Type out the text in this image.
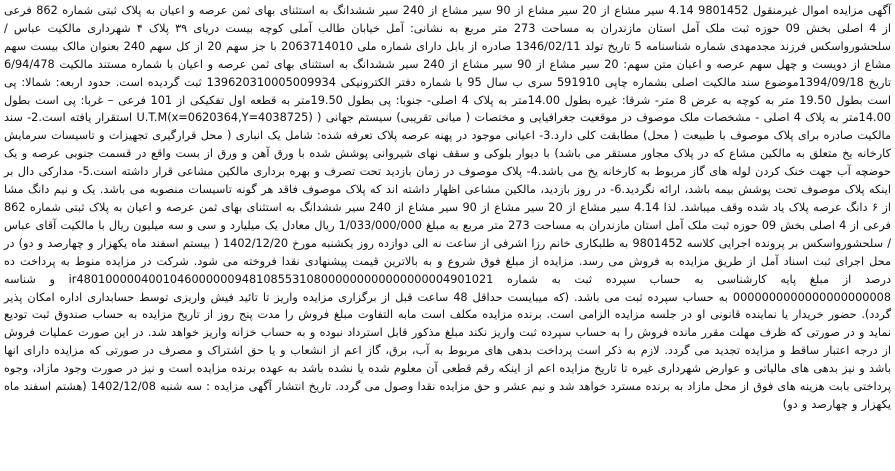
آگهی مزایده اموال غیرمنقول 9801452 4.14 سیر مشاع از 20 سیر مشاع از 90 سیر مشاع از 240 سیر ششدانگ به استثنای بهای ثمن عرصه و اعیان به پلاک ثبتی شماره 862 فرعی از 4 اصلی بخش 09 حوزه ثبت ملک آمل استان مازندران به مساحت 273 متر مربع به نشانی: آمل خیابان طالب آملی کوچه بیست دریای ۳۹ پلاک ۴ شهرداری مالکیت عباس / سلحشورواسکس فرزند مجدمهدی شماره شناسنامه 5 تاریخ تولد 1346/02/11 صادره از بابل دارای شماره ملی 2063714010 با جز سهم 20 از کل سهم 240 بعنوان مالک بیست سهم مشاع از دویست و چهل سهم عرصه و اعیان متن سهم: 20 سیر مشاع از 90 سیر مشاع از 240 سیر ششدانگ به استثنای بهای ثمن عرصه و اعیان با شماره مستند مالکیت 6/94/478 تاریخ 1394/09/18موضوع سند مالکیت اصلی بشماره چاپی 591910 سری ب سال 95 با شماره دفتر الکترونیکی 139620310005009934 ثبت گردیده است. حدود اربعه: شمالا: پی است بطول 19.50 متر به کوچه به عرض 8 متر- شرقا: غیره بطول 14.00متر به پلاک 4 اصلی- جنوبا: پی بطول 19.50متر به قطعه اول تفکیکی از 101 فرعی – غربا: پی است بطول 14.00متر به پلاک 4 اصلی - مشخصات ملک موصوف در موقعیت جغرافیایی و مختصات ( میانی تقریبی) سیستم جهانی ( U.T.M(x=0620364,Y=4038725) استقرار یافته است.2- سند مالکیت صادره برای پلاک موصوف با طبیعت ( محل) مطابقت کلی دارد.3- اعیانی موجود در پهنه عرصه پلاک تعرفه شده: شامل یک انباری ( محل قرارگیری تجهیزات و تاسیسات سرمایش کارخانه یخ متعلق به مالکین مشاع که در پلاک مجاور مستقر می باشد) با دیوار بلوکی و سقف نهای شیروانی پوشش شده با ورق آهن و ورق از بست واقع در قسمت جنوبی عرصه و یک حوضچه آب جهت خنک کردن لوله های گاز مربوط به کارخانه یخ می باشد.4- پلاک موصوف در زمان بازدید تحت تصرف و بهره برداری مالکین مشاعی قرار داشته است.5- مدارکی دال بر اینکه پلاک موصوف تحت پوشش بیمه باشد، ارائه نگردید.6- در روز بازدید، مالکین مشاعی اظهار داشته اند که پلاک موصوف فاقد هر گونه تاسیسات منصوبه می باشد. یک و نیم دانگ مشا از ۶ دانگ عرصه پلاک یاد شده وقف میباشد. لذا 4.14 سیر مشاع از 20 سیر مشاع از 90 سیر مشاع از 240 سیر ششدانگ به استثنای بهای ثمن عرصه و اعیان به پلاک ثبتی شماره 862 فرعی از 4 اصلی بخش 09 حوزه ثبت ملک آمل استان مازندران به مساحت 273 متر مربع به مبلغ 1/033/000/000 ریال معادل یک میلیارد و سی و سه میلیون ریال با مالکیت آقای عباس / سلحشورواسکس بر پرونده اجرایی کلاسه 9801452 به طلبکاری خانم رزا اشرفی از ساعت نه الی دوازده روز یکشنبه مورخ 1402/12/20 ( بیستم اسفند ماه یکهزار و چهارصد و دو) در محل اجرای ثبت اسناد آمل از طریق مزایده به فروش می رسد. مزایده از مبلغ فوق شروع و به بالاترین قیمت پیشنهادی نقدا فروخته می شود. شرکت در مزایده منوط به پرداخت ده درصد از مبلغ پایه کارشناسی به حساب سپرده ثبت به شماره ir4801000004001046000000948108553108000000000000000004901021 و شناسه 0000000000000000000008 به حساب سپرده ثبت می باشد. (که میبایست حداقل 48 ساعت قبل از برگزاری مزایده واریز تا تائید فیش واریزی توسط حسابداری اداره امکان پذیر گردد). حضور خریدار یا نماینده قانونی او در جلسه مزایده الزامی است. برنده مزایده مکلف است مابه التفاوت مبلغ فروش را مدت پنج روز از تاریخ مزایده به حساب صندوق ثبت تودیع نماید و در صورتی که ظرف مهلت مقرر مانده فروش را به حساب سپرده ثبت واریز نکند مبلغ مذکور قابل استرداد نبوده و به حساب خزانه واریز خواهد شد. در این صورت عملیات فروش از درجه اعتبار ساقط و مزایده تجدید می گردد. لازم به ذکر است پرداخت بدهی های مربوط به آب، برق، گاز اعم از انشعاب و یا حق اشتراک و مصرف در صورتی که مزایده دارای انها باشد و نیز بدهی های مالیاتی و عوارض شهرداری غیره تا تاریخ مزایده اعم از اینکه رقم قطعی آن معلوم شده یا نشده باشد به عهده برنده مزایده است و نیز در صورت وجود مازاد، وجوه پرداختی بابت هزینه های فوق از محل مازاد به برنده مسترد خواهد شد و نیم عشر و حق مزایده نقدا وصول می گردد. تاریخ انتشار آگهی مزایده : سه شنبه 1402/12/08 (هشتم اسفند ماه یکهزار و چهارصد و دو)
